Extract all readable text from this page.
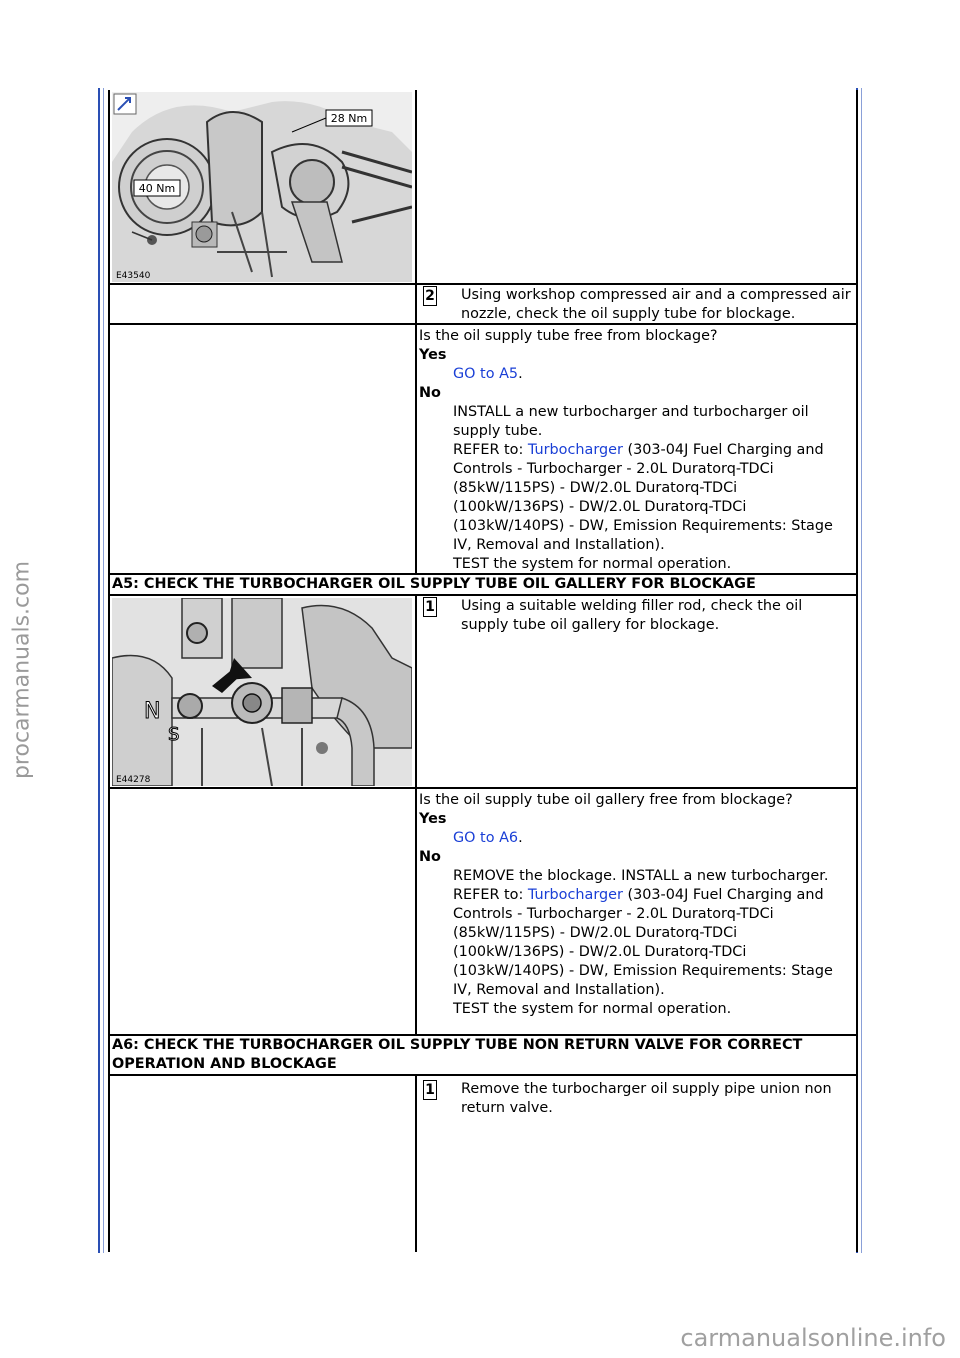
procarmanuals.com
carmanualsonline.info
28 Nm
40 Nm
E43540
2 Using workshop compressed air and a compressed air nozzle, check the oil supply tube for blockage.
Is the oil supply tube free from blockage?
Yes
GO to A5.
No
INSTALL a new turbocharger and turbocharger oil supply tube.
REFER to: Turbocharger (303-04J Fuel Charging and Controls - Turbocharger - 2.0L Duratorq-TDCi (85kW/115PS) - DW/2.0L Duratorq-TDCi (100kW/136PS) - DW/2.0L Duratorq-TDCi (103kW/140PS) - DW, Emission Requirements: Stage IV, Removal and Installation).
TEST the system for normal operation.
A5: CHECK THE TURBOCHARGER OIL SUPPLY TUBE OIL GALLERY FOR BLOCKAGE
N
S
E44278
1 Using a suitable welding filler rod, check the oil supply tube oil gallery for blockage.
Is the oil supply tube oil gallery free from blockage?
Yes
GO to A6.
No
REMOVE the blockage. INSTALL a new turbocharger.
REFER to: Turbocharger (303-04J Fuel Charging and Controls - Turbocharger - 2.0L Duratorq-TDCi (85kW/115PS) - DW/2.0L Duratorq-TDCi (100kW/136PS) - DW/2.0L Duratorq-TDCi (103kW/140PS) - DW, Emission Requirements: Stage IV, Removal and Installation).
TEST the system for normal operation.
A6: CHECK THE TURBOCHARGER OIL SUPPLY TUBE NON RETURN VALVE FOR CORRECT OPERATION AND BLOCKAGE
1 Remove the turbocharger oil supply pipe union non return valve.
